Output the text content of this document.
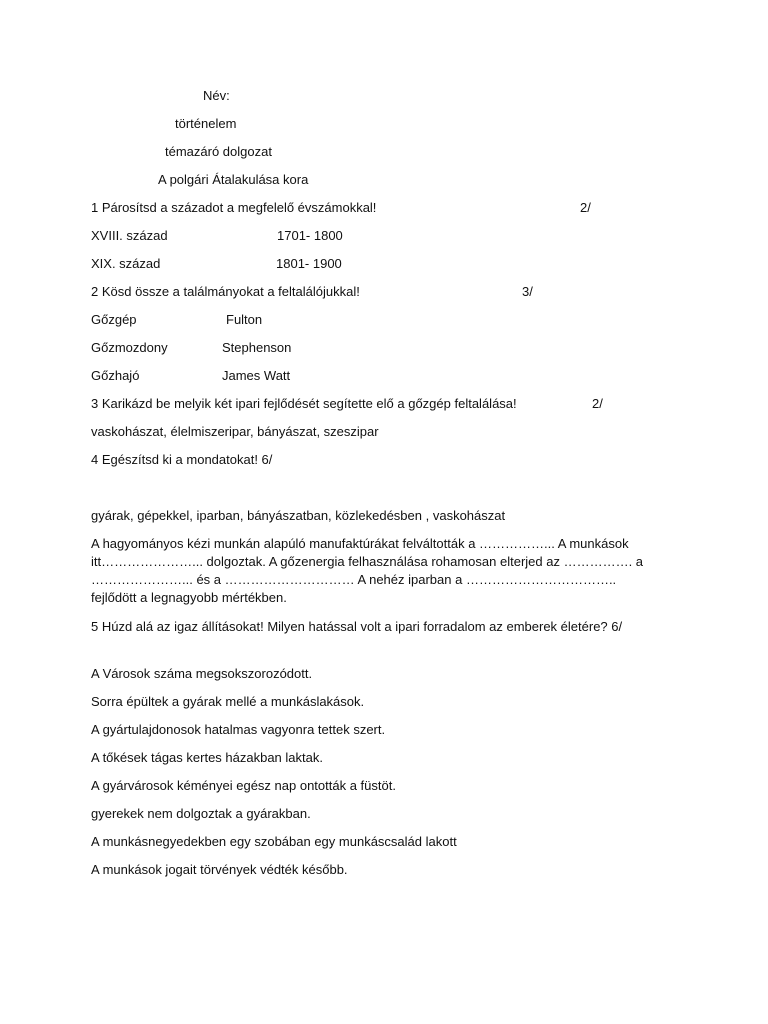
Név:
történelem
témazáró dolgozat
A polgári Átalakulása kora
1 Párosítsd a századot a megfelelő évszámokkal!	2/
XVIII. század	1701- 1800
XIX. század	1801- 1900
2 Kösd össze a találmányokat a feltalálójukkal!	3/
Gőzgép	Fulton
Gőzmozdony	Stephenson
Gőzhajó	James Watt
3 Karikázd be melyik két ipari fejlődését segítette elő a gőzgép feltalálása!	2/
vaskohászat, élelmiszeripar, bányászat, szeszipar
4 Egészítsd ki a mondatokat! 6/
gyárak, gépekkel, iparban, bányászatban, közlekedésben , vaskohászat
A hagyományos kézi munkán alapúló manufaktúrákat felváltották a ……………... A munkások itt…………………... dolgoztak. A gőzenergia felhasználása rohamosan elterjed az ……………. a …………………... és a ………………………… A nehéz iparban a …………………………….. fejlődött a legnagyobb mértékben.
5 Húzd alá az igaz állításokat! Milyen hatással volt a ipari forradalom az emberek életére? 6/
A Városok száma megsokszorozódott.
Sorra épültek a gyárak mellé a munkáslakások.
A gyártulajdonosok hatalmas vagyonra tettek szert.
A tőkések tágas kertes házakban laktak.
A gyárvárosok kéményei egész nap ontották a füstöt.
gyerekek nem dolgoztak a gyárakban.
A munkásnegyedekben egy szobában egy munkáscsalád lakott
A munkások jogait törvények védték később.
